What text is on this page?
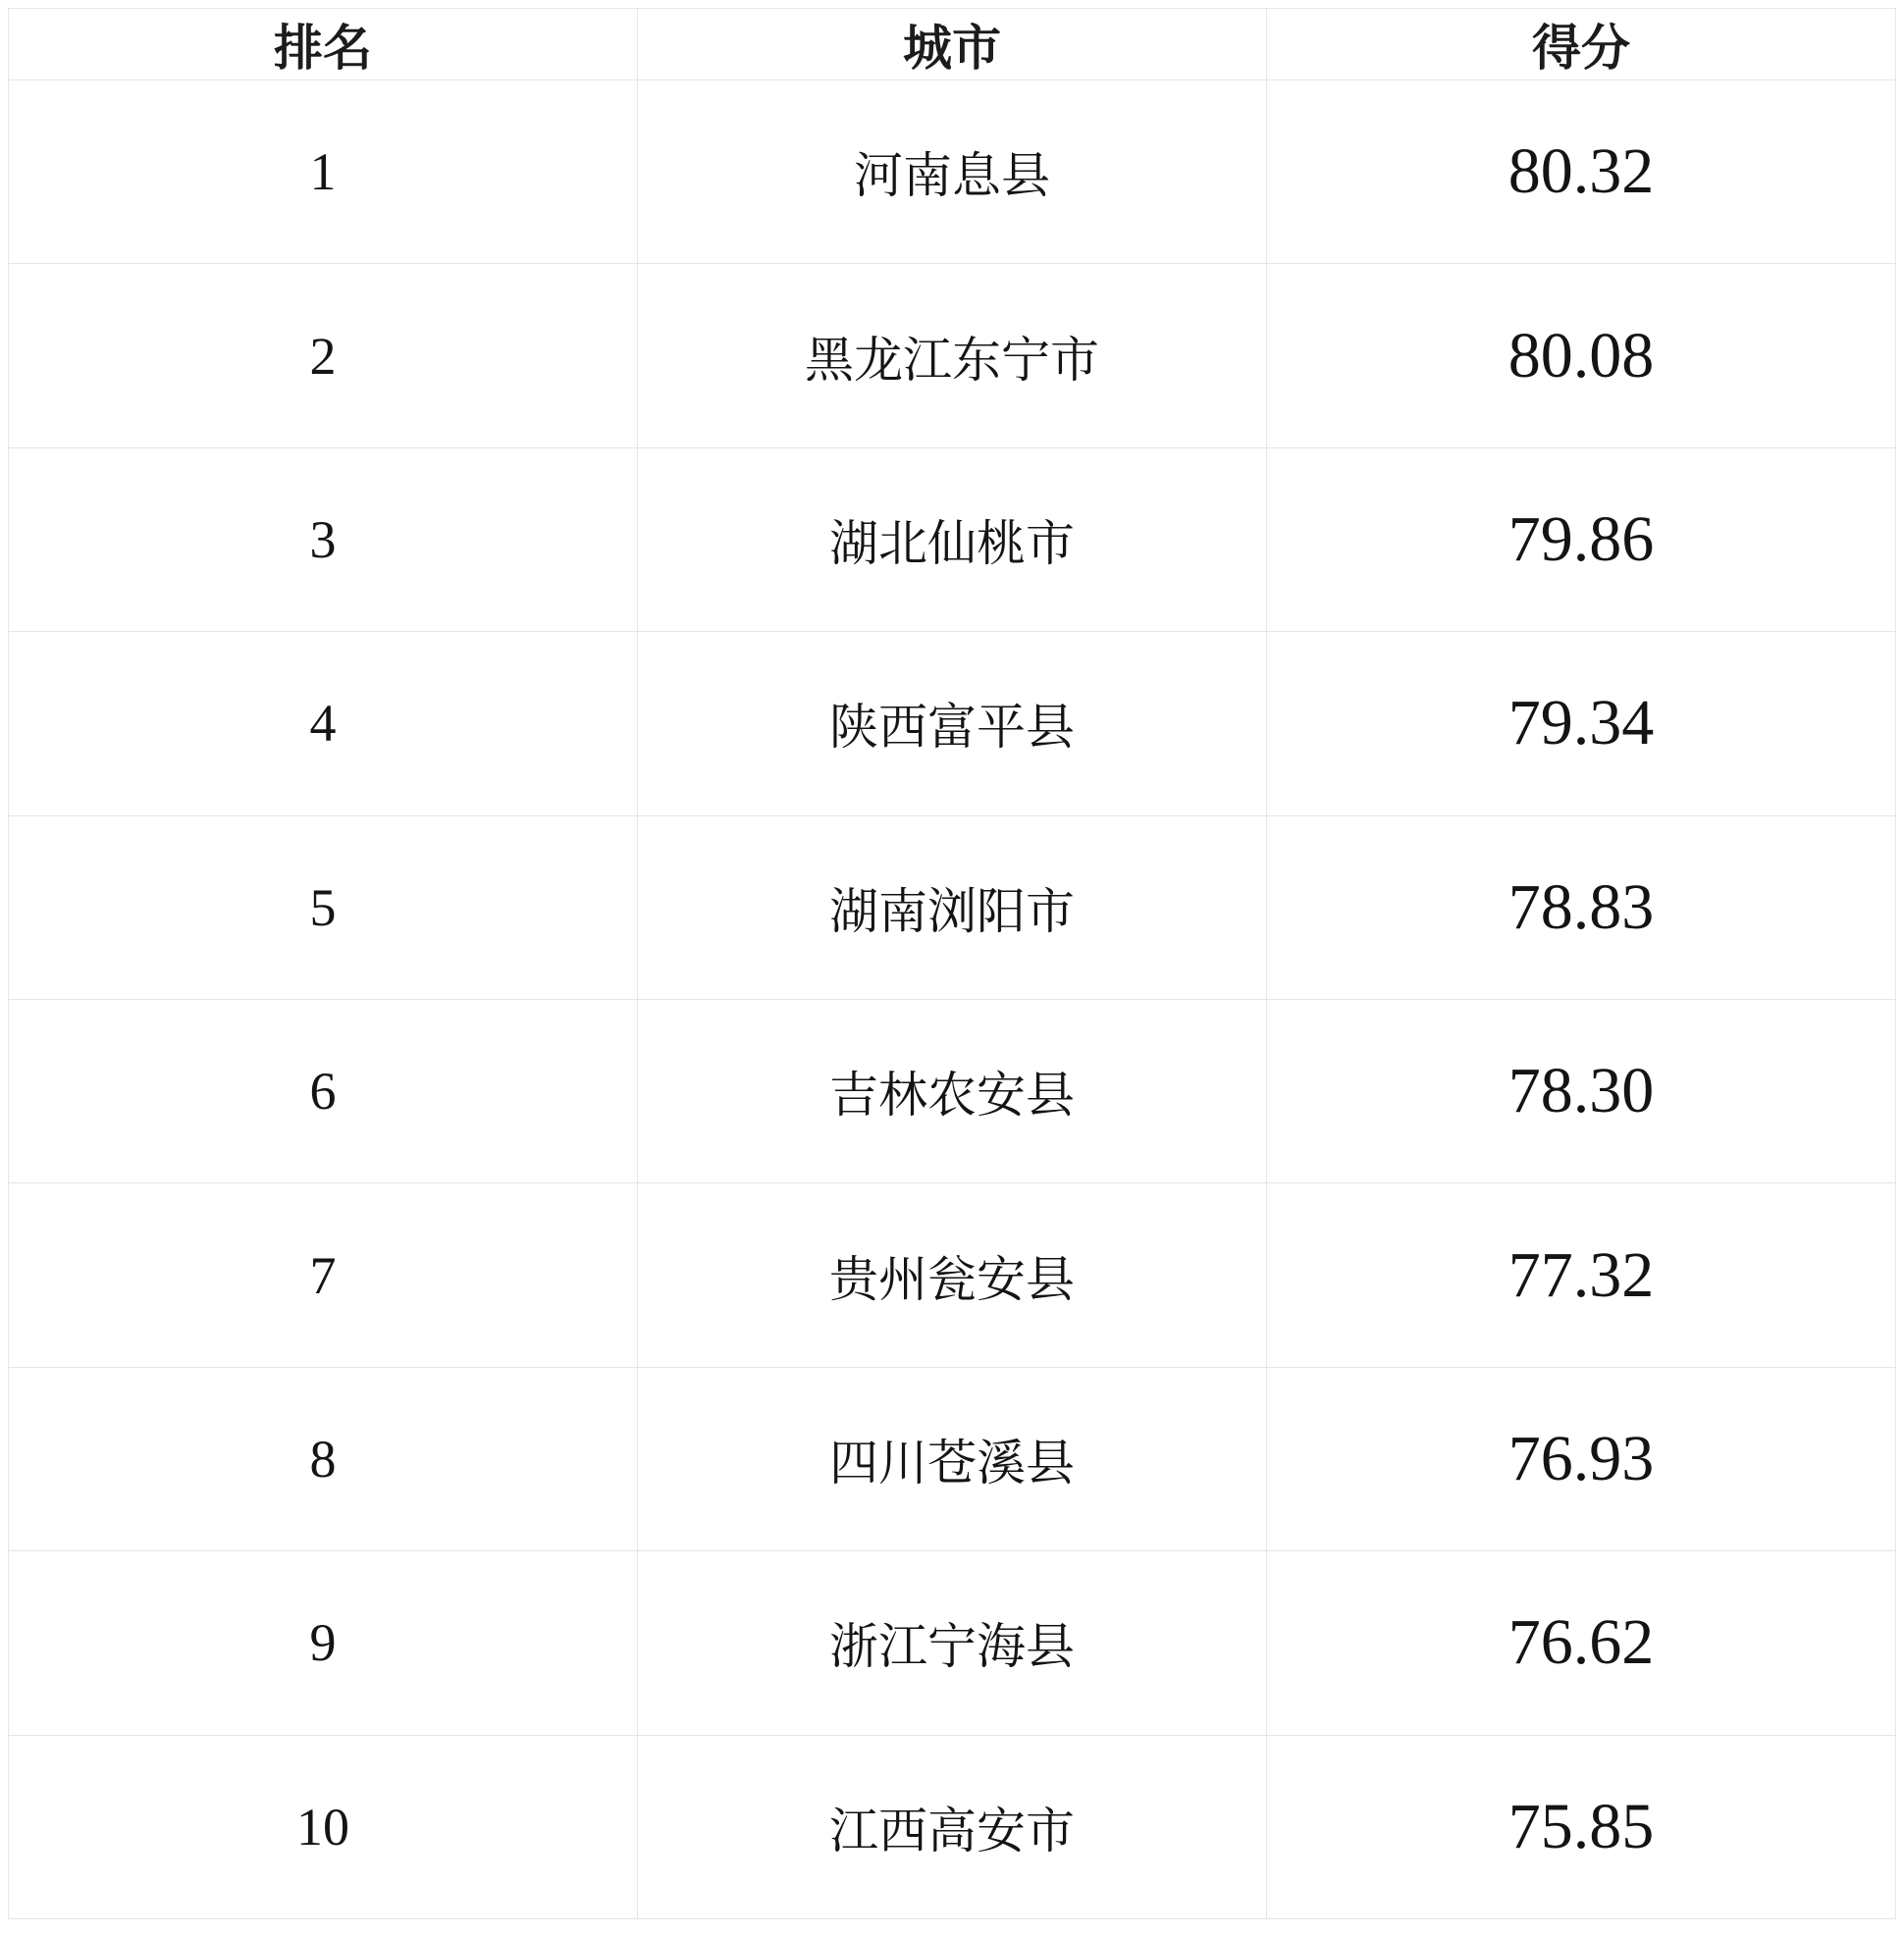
排名	城市	得分
1	河南息县	80.32
2	黑龙江东宁市	80.08
3	湖北仙桃市	79.86
4	陕西富平县	79.34
5	湖南浏阳市	78.83
6	吉林农安县	78.30
7	贵州瓮安县	77.32
8	四川苍溪县	76.93
9	浙江宁海县	76.62
10	江西高安市	75.85
